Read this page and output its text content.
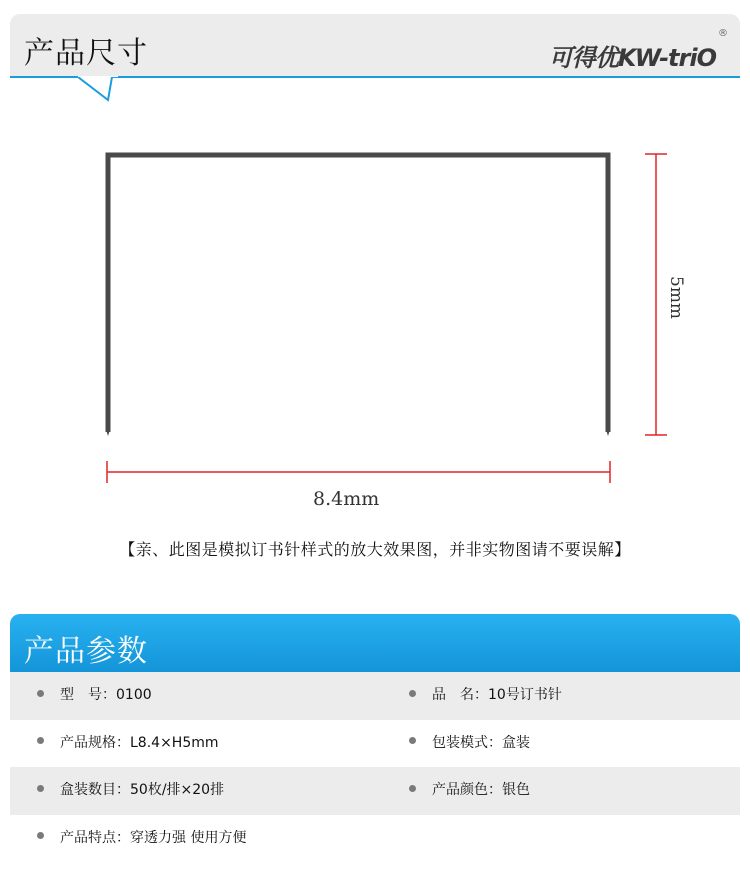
产品尺寸	可得优KW-triO
®
8.4mm
5mm
【亲、此图是模拟订书针样式的放大效果图，并非实物图请不要误解】
产品参数
型　号：0100	品　名：10号订书针
产品规格：L8.4×H5mm	包装模式：盒装
盒装数目：50枚/排×20排	产品颜色：银色
产品特点：穿透力强 使用方便
